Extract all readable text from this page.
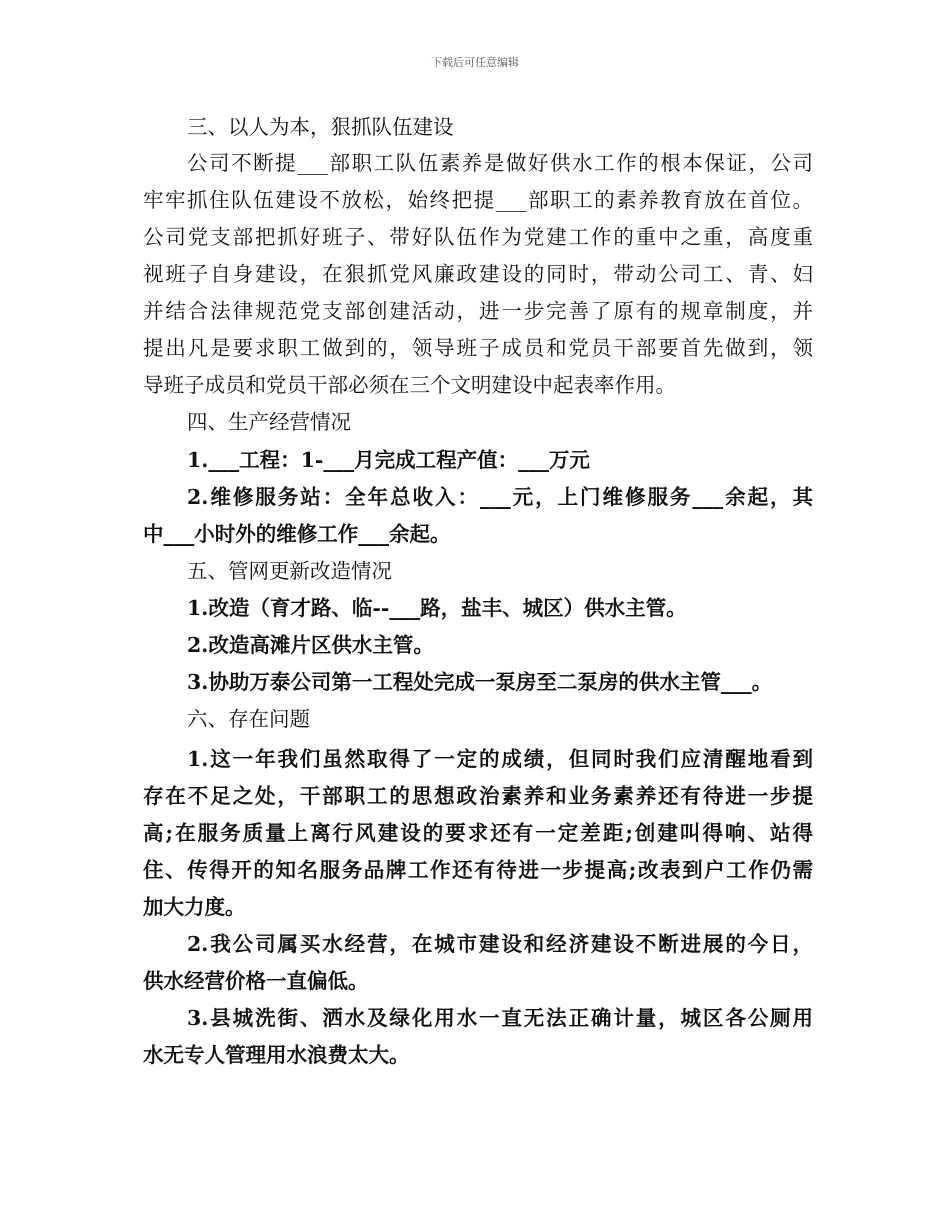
下载后可任意编辑
三、以人为本，狠抓队伍建设
公司不断提___部职工队伍素养是做好供水工作的根本保证，公司
牢牢抓住队伍建设不放松，始终把提___部职工的素养教育放在首位。
公司党支部把抓好班子、带好队伍作为党建工作的重中之重，高度重
视班子自身建设，在狠抓党风廉政建设的同时，带动公司工、青、妇
并结合法律规范党支部创建活动，进一步完善了原有的规章制度，并
提出凡是要求职工做到的，领导班子成员和党员干部要首先做到，领
导班子成员和党员干部必须在三个文明建设中起表率作用。
四、生产经营情况
1.___工程：1-___月完成工程产值：___万元
2.维修服务站：全年总收入：___元，上门维修服务___余起，其
中___小时外的维修工作___余起。
五、管网更新改造情况
1.改造（育才路、临--___路，盐丰、城区）供水主管。
2.改造高滩片区供水主管。
3.协助万泰公司第一工程处完成一泵房至二泵房的供水主管___。
六、存在问题
1.这一年我们虽然取得了一定的成绩，但同时我们应清醒地看到
存在不足之处，干部职工的思想政治素养和业务素养还有待进一步提
高;在服务质量上离行风建设的要求还有一定差距;创建叫得响、站得
住、传得开的知名服务品牌工作还有待进一步提高;改表到户工作仍需
加大力度。
2.我公司属买水经营，在城市建设和经济建设不断进展的今日，
供水经营价格一直偏低。
3.县城洗街、洒水及绿化用水一直无法正确计量，城区各公厕用
水无专人管理用水浪费太大。
